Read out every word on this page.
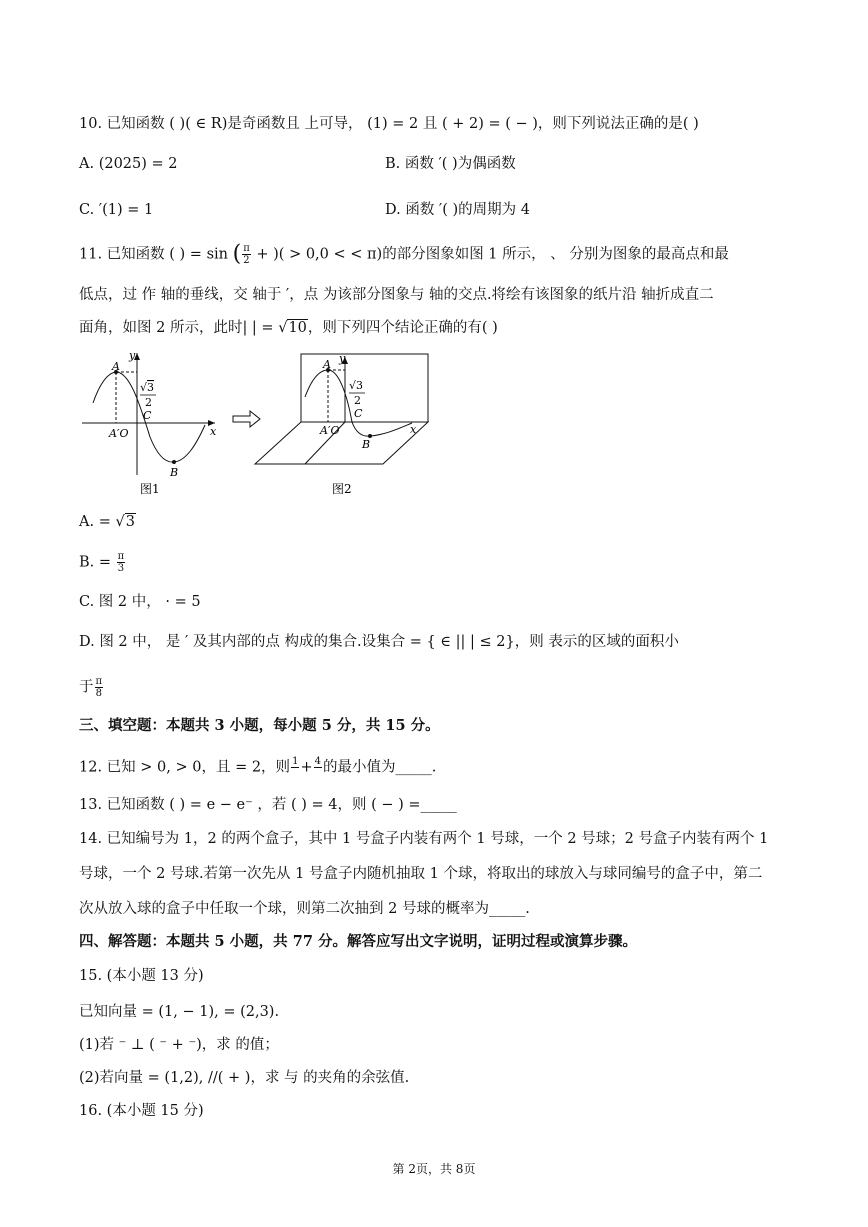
10. 已知函数 ( )( ∈ R)是奇函数且 上可导， (1) = 2 且 ( + 2) = ( − )，则下列说法正确的是( )
A. (2025) = 2	B. 函数 ′( )为偶函数
C. ′(1) = 1	D. 函数 ′( )的周期为 4
11. 已知函数 ( ) = sin ( $\frac{\pi}{2}$ + )( > 0,0 < < π)的部分图象如图 1 所示， 、 分别为图象的最高点和最
低点，过 作 轴的垂线，交 轴于 ′，点 为该部分图象与 轴的交点.将绘有该图象的纸片沿 轴折成直二
面角，如图 2 所示，此时| | = √10，则下列四个结论正确的有( )
A
y
√3
2
C
A′O	x
B
图1
A y
√3
2
C
A′O
B
x
图2
A. = √3
B. = $\frac{\pi}{3}$
C. 图 2 中， · = 5
D. 图 2 中， 是 ′ 及其内部的点 构成的集合.设集合 = { ∈ || | ≤ 2}，则 表示的区域的面积小
于 $\frac{\pi}{8}$
三、填空题：本题共 3 小题，每小题 5 分，共 15 分。
12. 已知 > 0, > 0，且 = 2，则 1
+ 4
的最小值为_____.
13. 已知函数 ( ) = e − e⁻ ，若 ( ) = 4，则 ( − ) =_____
14. 已知编号为 1，2 的两个盒子，其中 1 号盒子内装有两个 1 号球，一个 2 号球；2 号盒子内装有两个 1
号球，一个 2 号球.若第一次先从 1 号盒子内随机抽取 1 个球，将取出的球放入与球同编号的盒子中，第二
次从放入球的盒子中任取一个球，则第二次抽到 2 号球的概率为_____.
四、解答题：本题共 5 小题，共 77 分。解答应写出文字说明，证明过程或演算步骤。
15. (本小题 13 分)
已知向量 = (1, − 1), = (2,3).
(1)若 ⁻ ⊥ ( ⁻ + ⁻)，求 的值；
(2)若向量 = (1,2), //( + )，求 与 的夹角的余弦值.
16. (本小题 15 分)
第 2页，共 8页
